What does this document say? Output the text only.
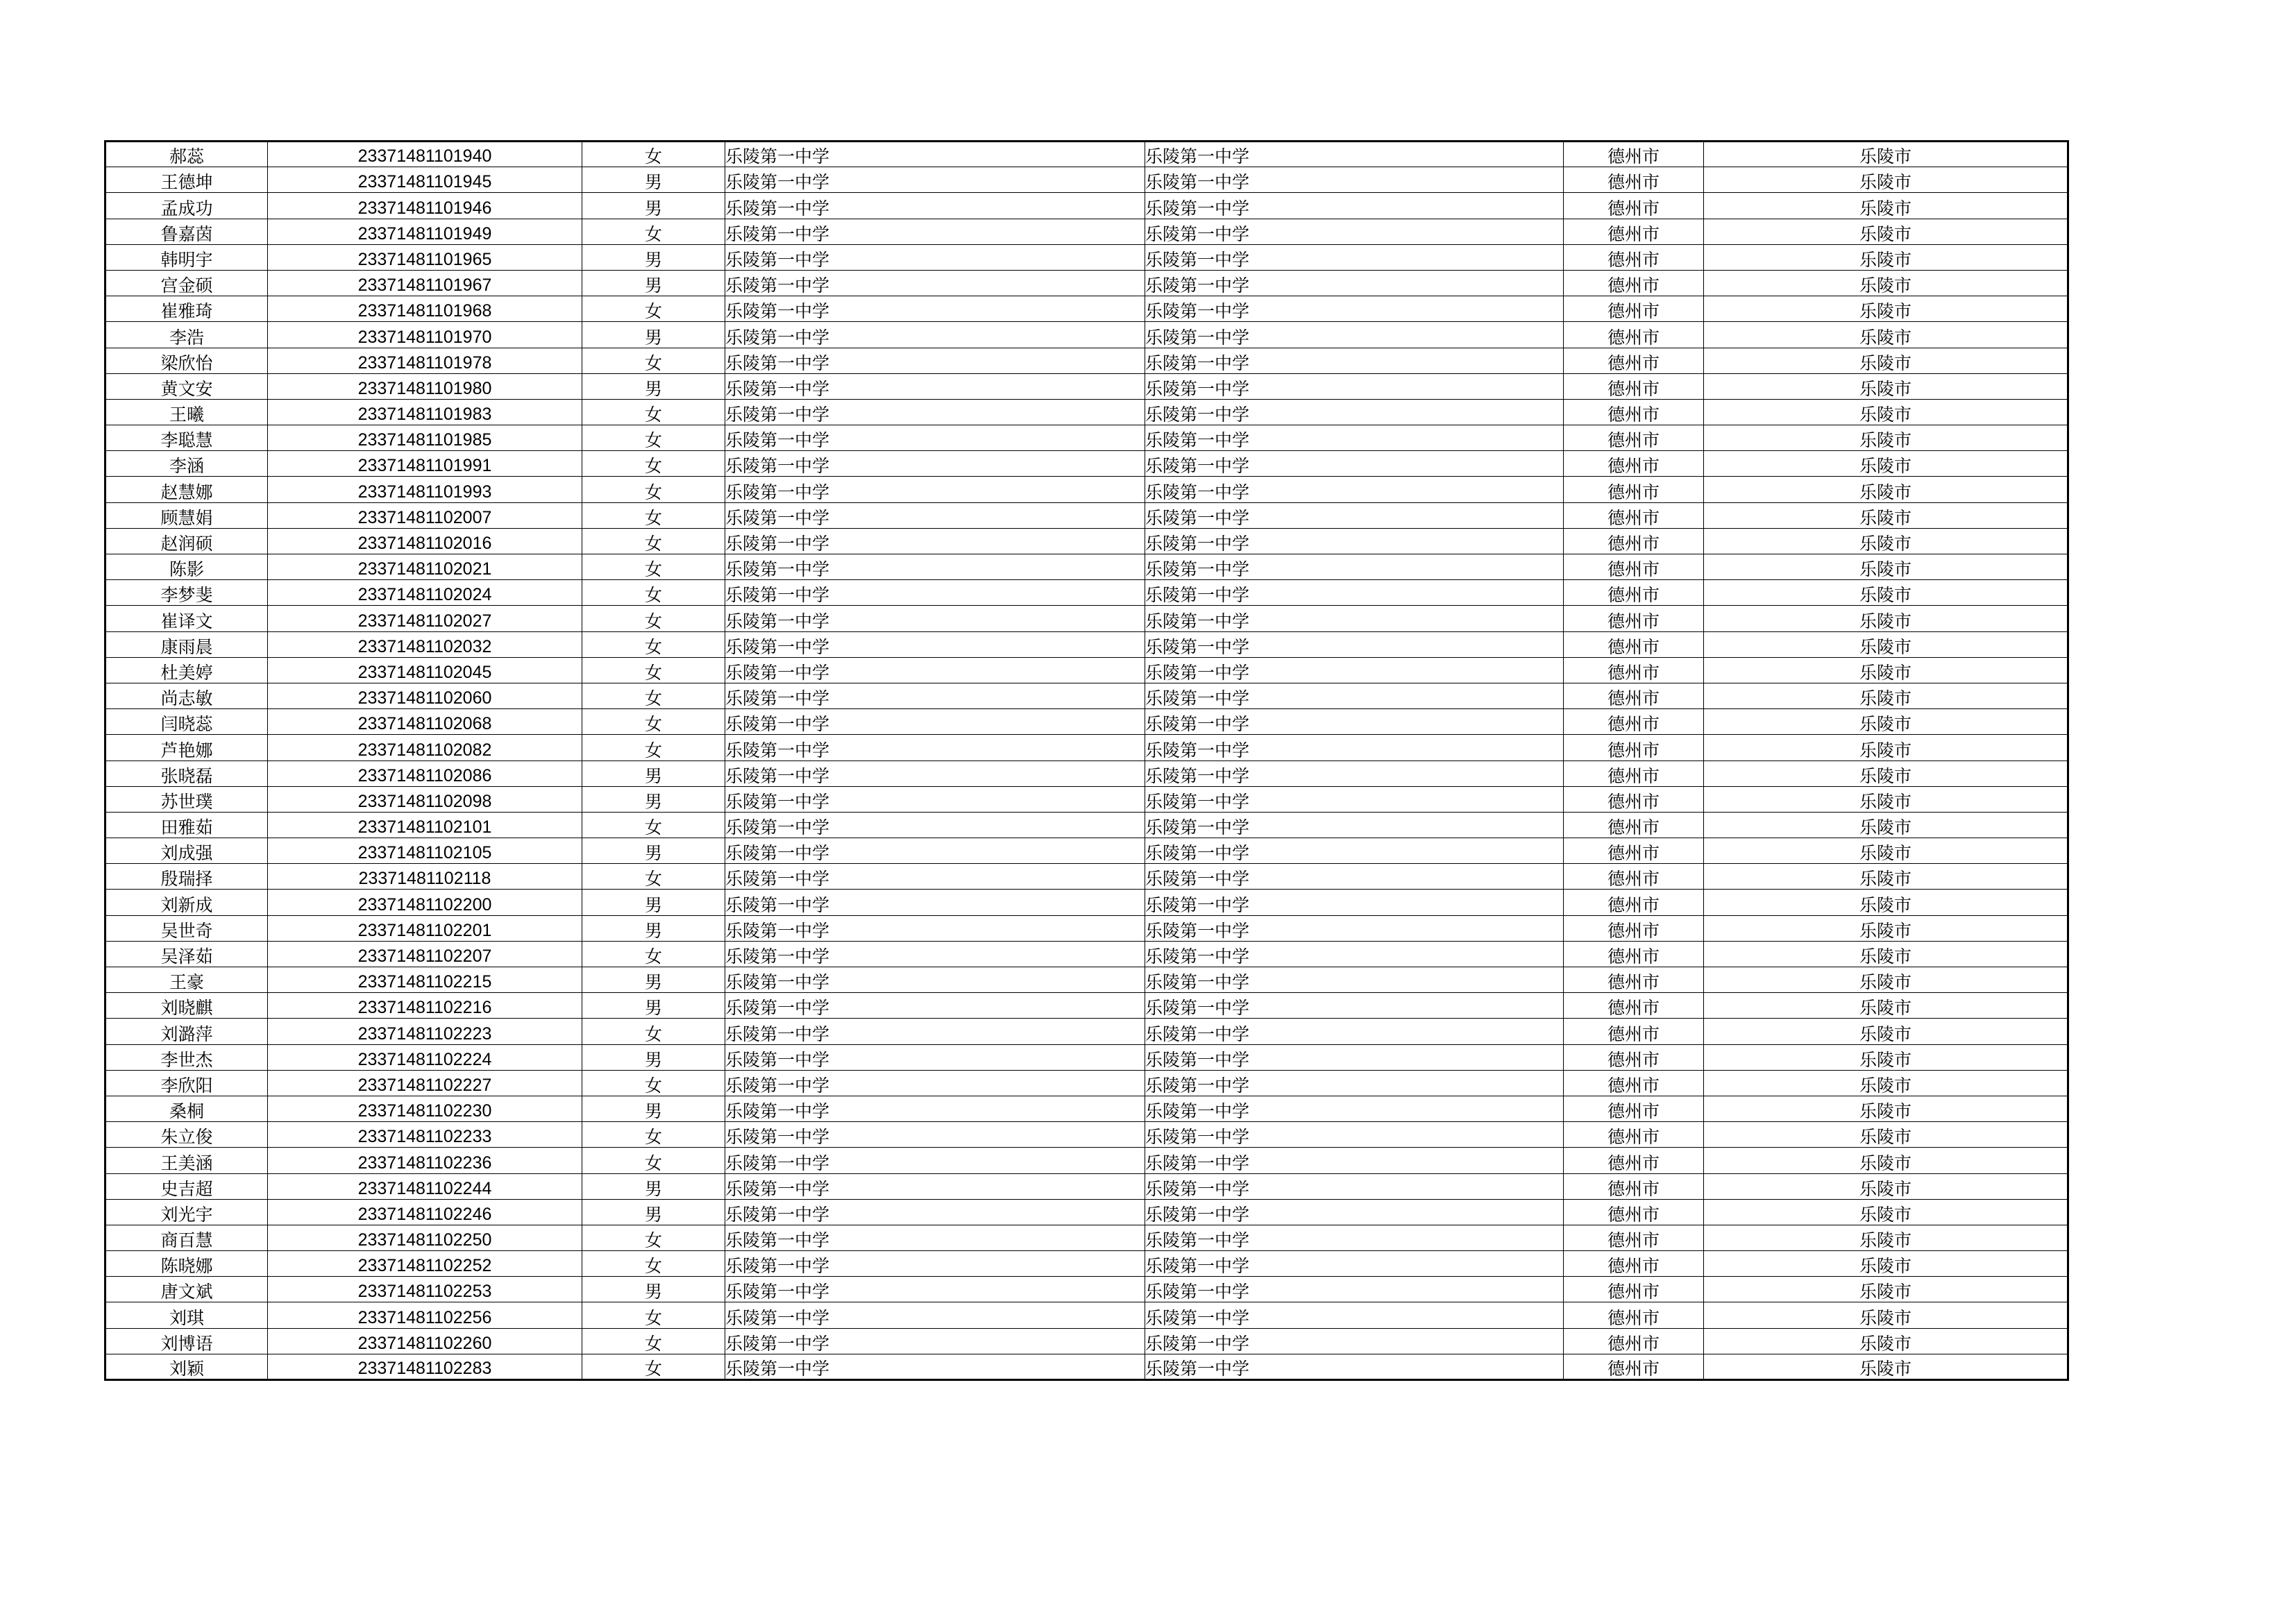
郝蕊	23371481101940	女	乐陵第一中学	乐陵第一中学	德州市	乐陵市
王德坤	23371481101945	男	乐陵第一中学	乐陵第一中学	德州市	乐陵市
孟成功	23371481101946	男	乐陵第一中学	乐陵第一中学	德州市	乐陵市
鲁嘉茵	23371481101949	女	乐陵第一中学	乐陵第一中学	德州市	乐陵市
韩明宇	23371481101965	男	乐陵第一中学	乐陵第一中学	德州市	乐陵市
宫金硕	23371481101967	男	乐陵第一中学	乐陵第一中学	德州市	乐陵市
崔雅琦	23371481101968	女	乐陵第一中学	乐陵第一中学	德州市	乐陵市
李浩	23371481101970	男	乐陵第一中学	乐陵第一中学	德州市	乐陵市
梁欣怡	23371481101978	女	乐陵第一中学	乐陵第一中学	德州市	乐陵市
黄文安	23371481101980	男	乐陵第一中学	乐陵第一中学	德州市	乐陵市
王曦	23371481101983	女	乐陵第一中学	乐陵第一中学	德州市	乐陵市
李聪慧	23371481101985	女	乐陵第一中学	乐陵第一中学	德州市	乐陵市
李涵	23371481101991	女	乐陵第一中学	乐陵第一中学	德州市	乐陵市
赵慧娜	23371481101993	女	乐陵第一中学	乐陵第一中学	德州市	乐陵市
顾慧娟	23371481102007	女	乐陵第一中学	乐陵第一中学	德州市	乐陵市
赵润硕	23371481102016	女	乐陵第一中学	乐陵第一中学	德州市	乐陵市
陈影	23371481102021	女	乐陵第一中学	乐陵第一中学	德州市	乐陵市
李梦斐	23371481102024	女	乐陵第一中学	乐陵第一中学	德州市	乐陵市
崔译文	23371481102027	女	乐陵第一中学	乐陵第一中学	德州市	乐陵市
康雨晨	23371481102032	女	乐陵第一中学	乐陵第一中学	德州市	乐陵市
杜美婷	23371481102045	女	乐陵第一中学	乐陵第一中学	德州市	乐陵市
尚志敏	23371481102060	女	乐陵第一中学	乐陵第一中学	德州市	乐陵市
闫晓蕊	23371481102068	女	乐陵第一中学	乐陵第一中学	德州市	乐陵市
芦艳娜	23371481102082	女	乐陵第一中学	乐陵第一中学	德州市	乐陵市
张晓磊	23371481102086	男	乐陵第一中学	乐陵第一中学	德州市	乐陵市
苏世璞	23371481102098	男	乐陵第一中学	乐陵第一中学	德州市	乐陵市
田雅茹	23371481102101	女	乐陵第一中学	乐陵第一中学	德州市	乐陵市
刘成强	23371481102105	男	乐陵第一中学	乐陵第一中学	德州市	乐陵市
殷瑞择	23371481102118	女	乐陵第一中学	乐陵第一中学	德州市	乐陵市
刘新成	23371481102200	男	乐陵第一中学	乐陵第一中学	德州市	乐陵市
吴世奇	23371481102201	男	乐陵第一中学	乐陵第一中学	德州市	乐陵市
吴泽茹	23371481102207	女	乐陵第一中学	乐陵第一中学	德州市	乐陵市
王豪	23371481102215	男	乐陵第一中学	乐陵第一中学	德州市	乐陵市
刘晓麒	23371481102216	男	乐陵第一中学	乐陵第一中学	德州市	乐陵市
刘潞萍	23371481102223	女	乐陵第一中学	乐陵第一中学	德州市	乐陵市
李世杰	23371481102224	男	乐陵第一中学	乐陵第一中学	德州市	乐陵市
李欣阳	23371481102227	女	乐陵第一中学	乐陵第一中学	德州市	乐陵市
桑桐	23371481102230	男	乐陵第一中学	乐陵第一中学	德州市	乐陵市
朱立俊	23371481102233	女	乐陵第一中学	乐陵第一中学	德州市	乐陵市
王美涵	23371481102236	女	乐陵第一中学	乐陵第一中学	德州市	乐陵市
史吉超	23371481102244	男	乐陵第一中学	乐陵第一中学	德州市	乐陵市
刘光宇	23371481102246	男	乐陵第一中学	乐陵第一中学	德州市	乐陵市
商百慧	23371481102250	女	乐陵第一中学	乐陵第一中学	德州市	乐陵市
陈晓娜	23371481102252	女	乐陵第一中学	乐陵第一中学	德州市	乐陵市
唐文斌	23371481102253	男	乐陵第一中学	乐陵第一中学	德州市	乐陵市
刘琪	23371481102256	女	乐陵第一中学	乐陵第一中学	德州市	乐陵市
刘博语	23371481102260	女	乐陵第一中学	乐陵第一中学	德州市	乐陵市
刘颖	23371481102283	女	乐陵第一中学	乐陵第一中学	德州市	乐陵市
